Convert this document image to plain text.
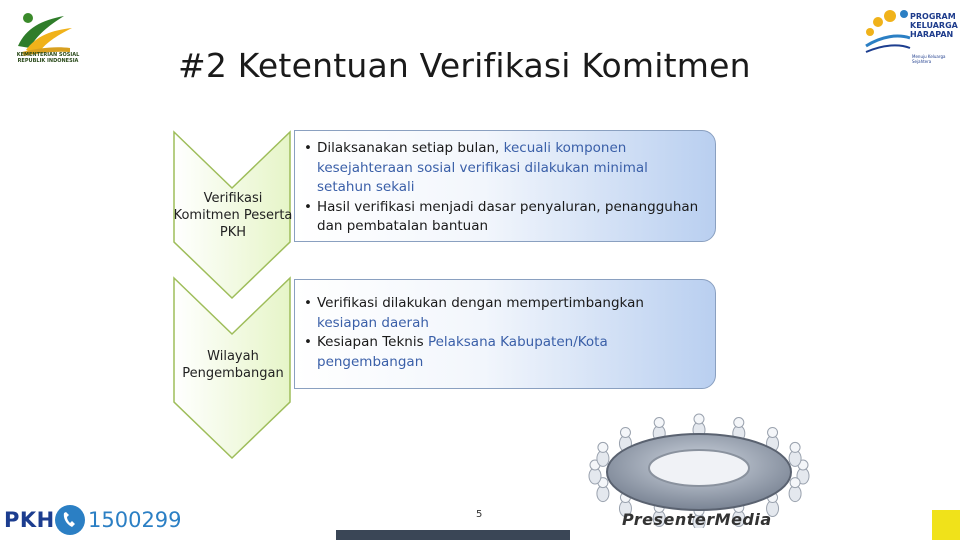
KEMENTERIAN SOSIAL REPUBLIK INDONESIA
PROGRAM
KELUARGA
HARAPAN
Menuju Keluarga Sejahtera
#2 Ketentuan Verifikasi Komitmen
Verifikasi
Komitmen Peserta
PKH
Wilayah
Pengembangan
• Dilaksanakan setiap bulan, kecuali komponen
kesejahteraan sosial verifikasi dilakukan minimal
setahun sekali
• Hasil verifikasi menjadi dasar penyaluran, penangguhan
dan pembatalan bantuan
• Verifikasi dilakukan dengan mempertimbangkan
kesiapan daerah
• Kesiapan Teknis Pelaksana Kabupaten/Kota
pengembangan
PresenterMedia
5
PKH 1500299
